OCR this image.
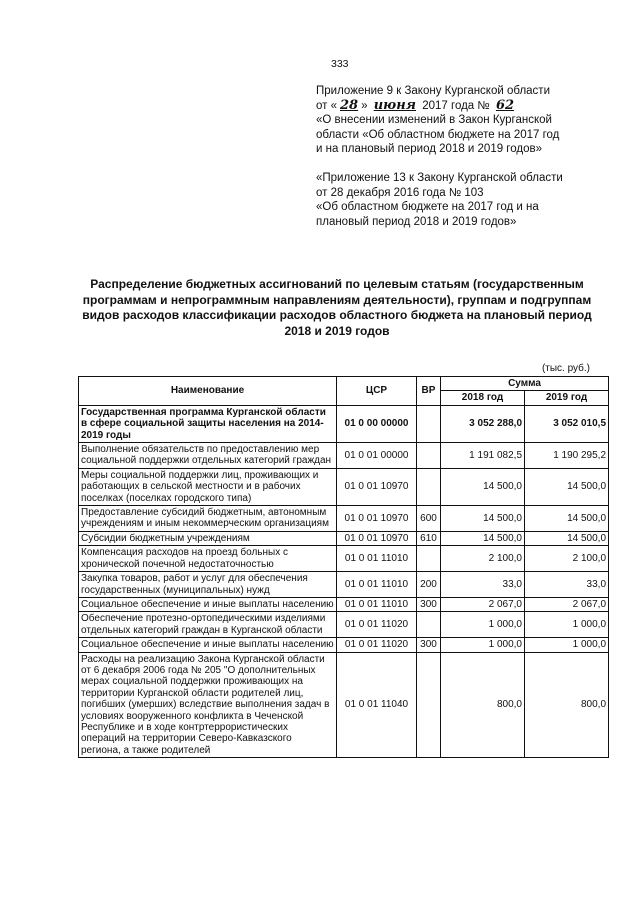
333

Приложение 9 к Закону Курганской области

от « 28 » июня 2017 года № 62

«О внесении изменений в Закон Курганской

области «Об областном бюджете на 2017 год

и на плановый период 2018 и 2019 годов»

«Приложение 13 к Закону Курганской области

от 28 декабря 2016 года № 103

«Об областном бюджете на 2017 год и на

плановый период 2018 и 2019 годов»

Распределение бюджетных ассигнований по целевым статьям (государственным программам и непрограммным направлениям деятельности), группам и подгруппам видов расходов классификации расходов областного бюджета на плановый период 2018 и 2019 годов
(тыс. руб.)
Наименование	ЦСР	ВР	Сумма	
			2018 год	2019 год
Государственная программа Курганской области в сфере социальной защиты населения на 2014-2019 годы	01 0 00 00000		3 052 288,0	3 052 010,5
Выполнение обязательств по предоставлению мер социальной поддержки отдельных категорий граждан	01 0 01 00000		1 191 082,5	1 190 295,2
Меры социальной поддержки лиц, проживающих и работающих в сельской местности и в рабочих поселках (поселках городского типа)	01 0 01 10970		14 500,0	14 500,0
Предоставление субсидий бюджетным, автономным учреждениям и иным некоммерческим организациям	01 0 01 10970	600	14 500,0	14 500,0
Субсидии бюджетным учреждениям	01 0 01 10970	610	14 500,0	14 500,0
Компенсация расходов на проезд больных с хронической почечной недостаточностью	01 0 01 11010		2 100,0	2 100,0
Закупка товаров, работ и услуг для обеспечения государственных (муниципальных) нужд	01 0 01 11010	200	33,0	33,0
Социальное обеспечение и иные выплаты населению	01 0 01 11010	300	2 067,0	2 067,0
Обеспечение протезно-ортопедическими изделиями отдельных категорий граждан в Курганской области	01 0 01 11020		1 000,0	1 000,0
Социальное обеспечение и иные выплаты населению	01 0 01 11020	300	1 000,0	1 000,0
Расходы на реализацию Закона Курганской области от 6 декабря 2006 года № 205 "О дополнительных мерах социальной поддержки проживающих на территории Курганской области родителей лиц, погибших (умерших) вследствие выполнения задач в условиях вооруженного конфликта в Чеченской Республике и в ходе контртеррористических операций на территории Северо-Кавказского региона, а также родителей	01 0 01 11040		800,0	800,0
